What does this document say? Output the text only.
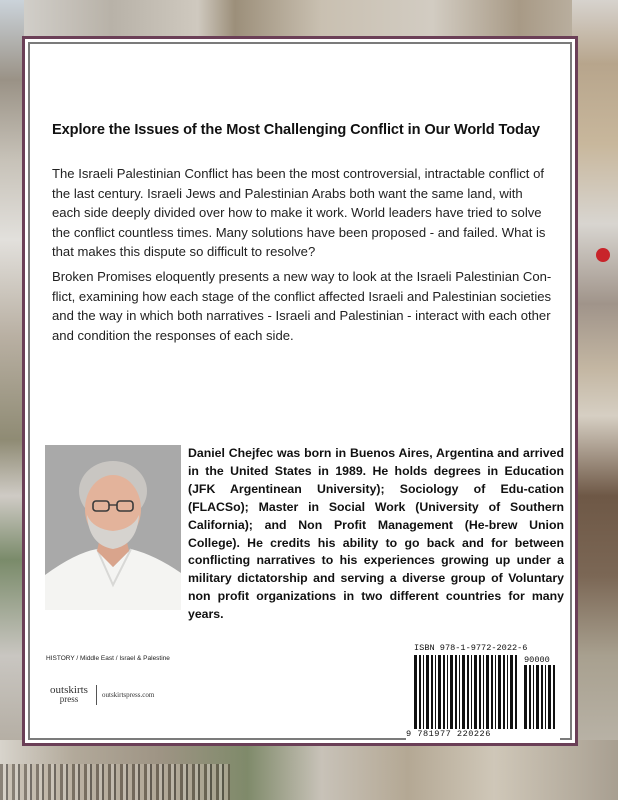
Explore the Issues of the Most Challenging Conflict in Our World Today

The Israeli Palestinian Conflict has been the most controversial, intractable conflict of the last century. Israeli Jews and Palestinian Arabs both want the same land, with each side deeply divided over how to make it work. World leaders have tried to solve the conflict countless times. Many solutions have been proposed - and failed. What is that makes this dispute so difficult to resolve?

Broken Promises eloquently presents a new way to look at the Israeli Palestinian Con-flict, examining how each stage of the conflict affected Israeli and Palestinian societies and the way in which both narratives - Israeli and Palestinian - interact with each other and condition the responses of each side.

Daniel Chejfec was born in Buenos Aires, Argentina and arrived in the United States in 1989. He holds degrees in Education (JFK Argentinean University); Sociology of Edu-cation (FLACSo); Master in Social Work (University of Southern California); and Non Profit Management (He-brew Union College). He credits his ability to go back and for between conflicting narratives to his experiences growing up under a military dictatorship and serving a diverse group of Voluntary non profit organizations in two different countries for many years.

HISTORY / Middle East / Israel & Palestine
outskirts
press	outskirtspress.com
ISBN 978-1-9772-2022-6
90000
9 781977 220226
